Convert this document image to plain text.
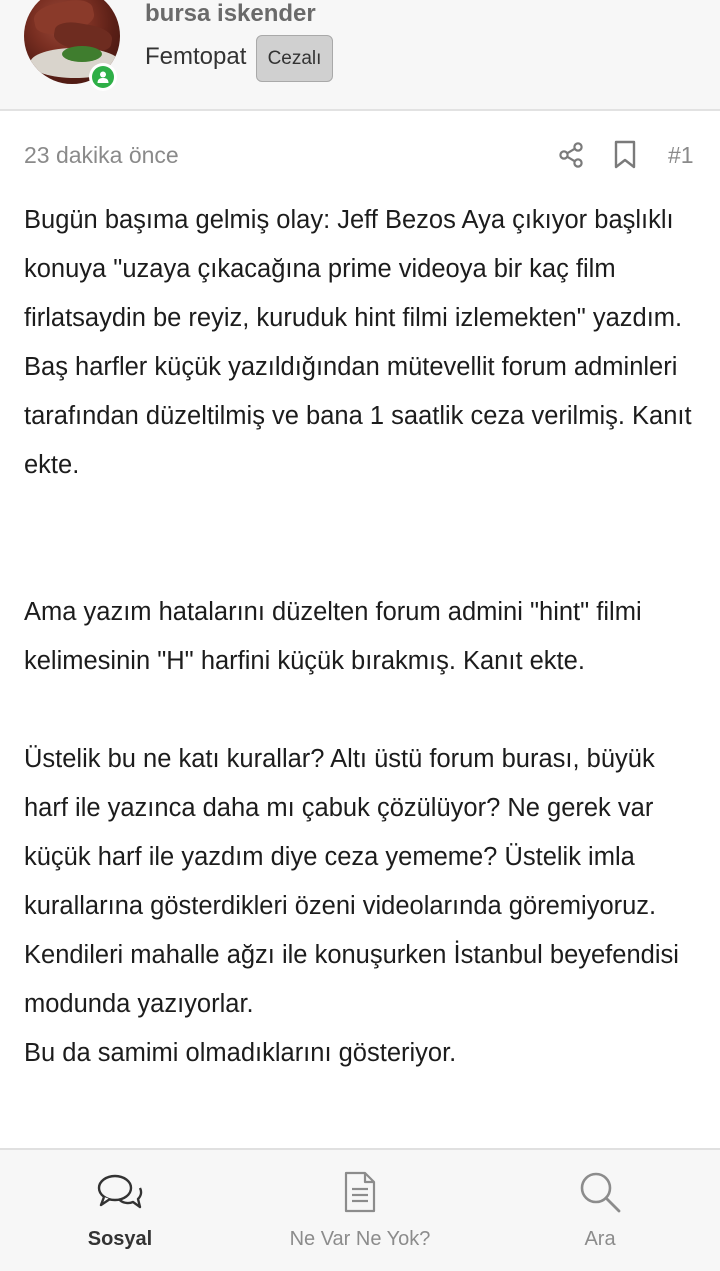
bursa iskender
Femtopat	Cezalı
23 dakika önce	#1

Bugün başıma gelmiş olay: Jeff Bezos Aya çıkıyor başlıklı konuya "uzaya çıkacağına prime videoya bir kaç film firlatsaydin be reyiz, kuruduk hint filmi izlemekten" yazdım. Baş harfler küçük yazıldığından mütevellit forum adminleri tarafından düzeltilmiş ve bana 1 saatlik ceza verilmiş. Kanıt ekte.

Ama yazım hatalarını düzelten forum admini "hint" filmi kelimesinin "H" harfini küçük bırakmış. Kanıt ekte.

Üstelik bu ne katı kurallar? Altı üstü forum burası, büyük harf ile yazınca daha mı çabuk çözülüyor? Ne gerek var küçük harf ile yazdım diye ceza yememe? Üstelik imla kurallarına gösterdikleri özeni videolarında göremiyoruz.
Kendileri mahalle ağzı ile konuşurken İstanbul beyefendisi modunda yazıyorlar.
Bu da samimi olmadıklarını gösteriyor.

Sosyal	Ne Var Ne Yok?	Ara
